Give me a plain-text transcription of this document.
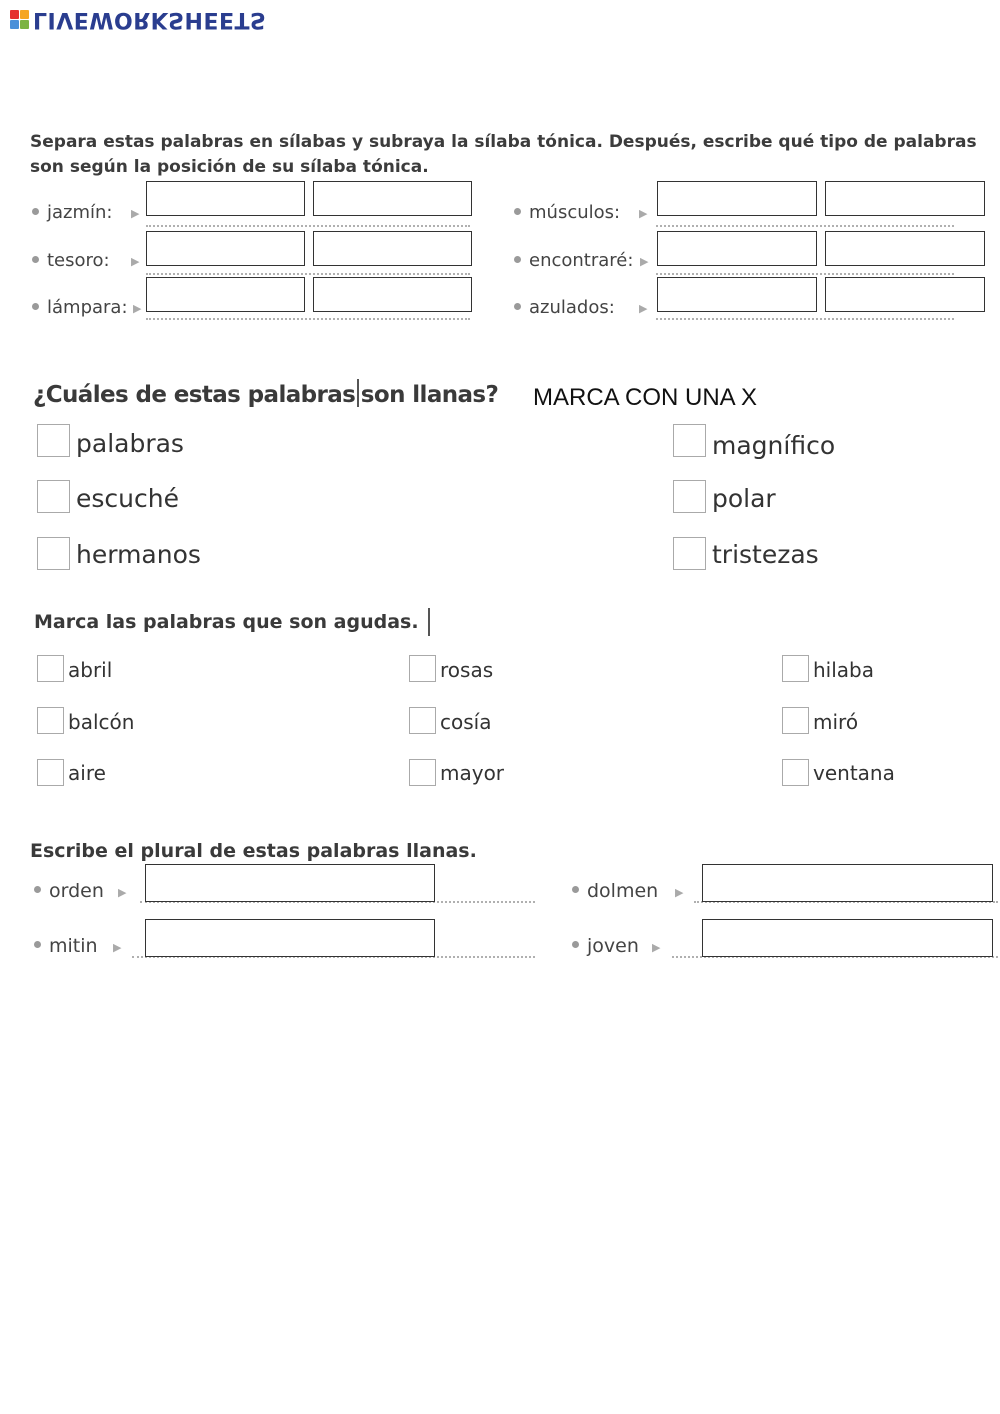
LIVEWORKSHEETS
Separa estas palabras en sílabas y subraya la sílaba tónica. Después, escribe qué tipo de palabras
son según la posición de su sílaba tónica.
jazmín: ▶
tesoro: ▶
lámpara: ▶
músculos: ▶
encontraré: ▶
azulados: ▶
¿Cuáles de estas palabras son llanas? MARCA CON UNA X
palabras
escuché
hermanos
magnífico
polar
tristezas
Marca las palabras que son agudas.
abril
balcón
aire
rosas
cosía
mayor
hilaba
miró
ventana
Escribe el plural de estas palabras llanas.
orden ▶
mitin ▶
dolmen ▶
joven ▶
